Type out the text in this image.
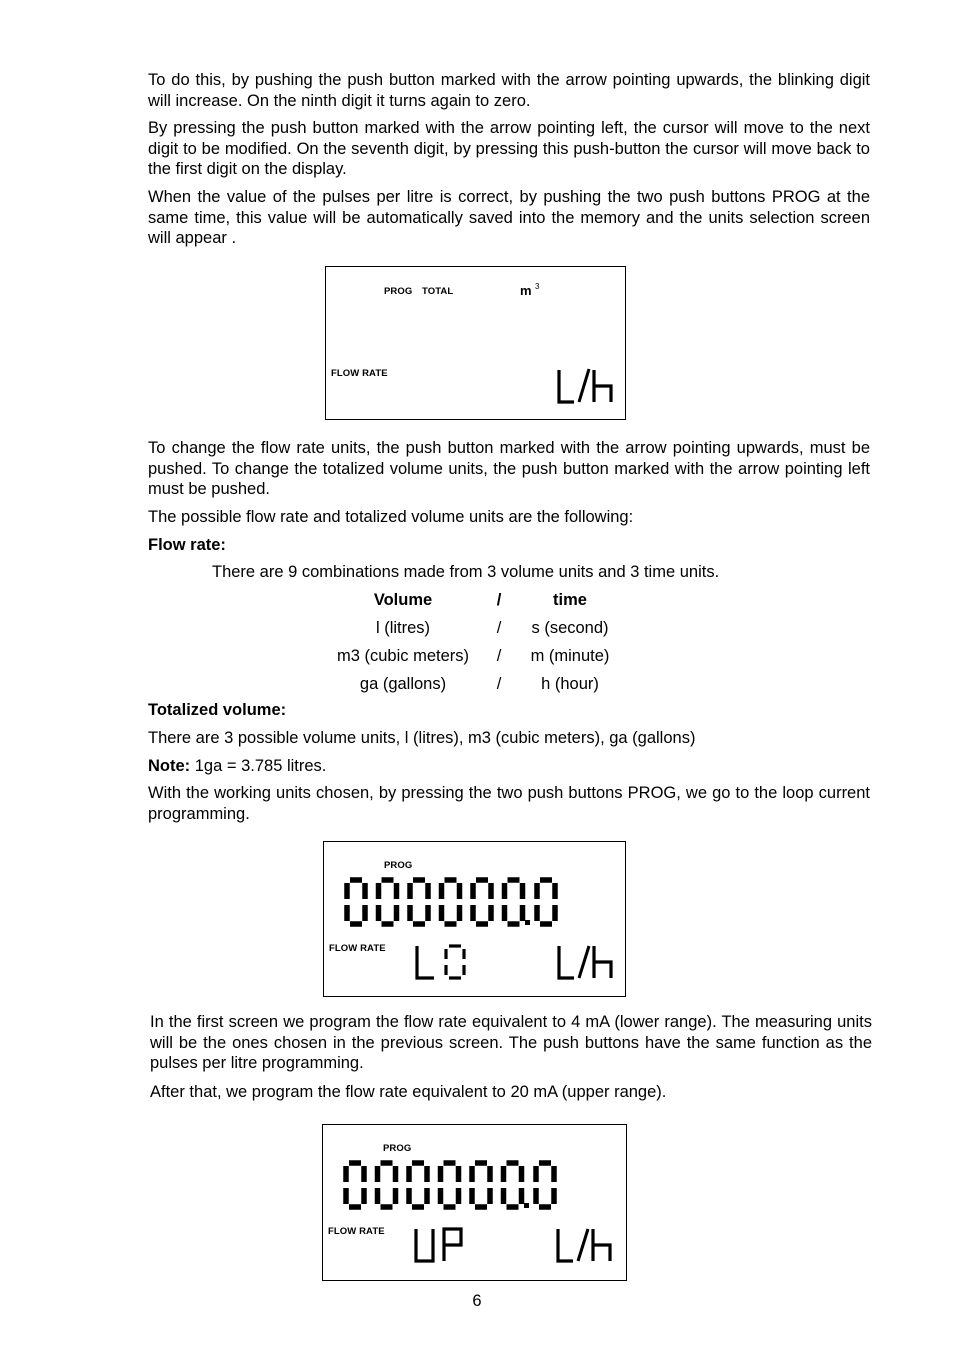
To do this, by pushing the push button marked with the arrow pointing upwards, the blinking digit will increase. On the ninth digit it turns again to zero.

By pressing the push button marked with the arrow pointing left, the cursor will move to the next digit to be modified. On the seventh digit, by pressing this push-button the cursor will move back to the first digit on the display.

When the value of the pulses per litre is correct, by pushing the two push buttons PROG at the same time, this value will be automatically saved into the memory and the units selection screen will appear .

PROG TOTAL	m 3
FLOW RATE

To change the flow rate units, the push button marked with the arrow pointing upwards, must be pushed. To change the totalized volume units, the push button marked with the arrow pointing left must be pushed.

The possible flow rate and totalized volume units are the following:

Flow rate:

There are 9 combinations made from 3 volume units and 3 time units.

Volume	/	time
l (litres)	/	s (second)
m3 (cubic meters)	/	m (minute)
ga (gallons)	/	h (hour)

Totalized volume:

There are 3 possible volume units, l (litres), m3 (cubic meters), ga (gallons)

Note: 1ga = 3.785 litres.

With the working units chosen, by pressing the two push buttons PROG, we go to the loop current programming.

PROG
FLOW RATE

In the first screen we program the flow rate equivalent to 4 mA (lower range). The measuring units will be the ones chosen in the previous screen. The push buttons have the same function as the pulses per litre programming.

After that, we program the flow rate equivalent to 20 mA (upper range).

PROG
FLOW RATE
6
